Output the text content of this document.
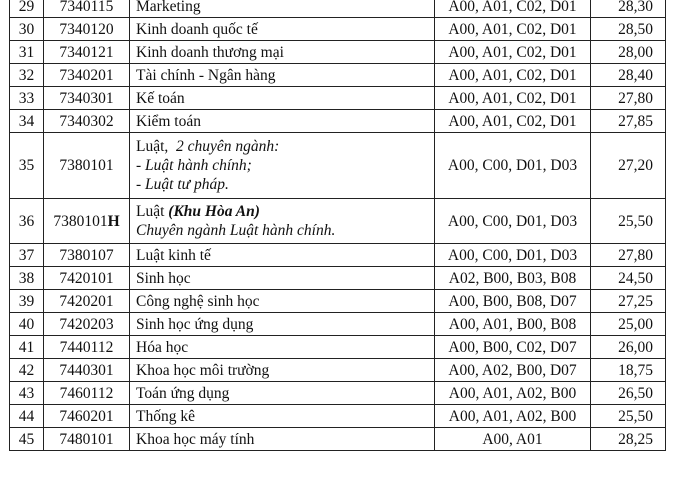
29	7340115	Marketing	A00, A01, C02, D01	28,30
30	7340120	Kinh doanh quốc tế	A00, A01, C02, D01	28,50
31	7340121	Kinh doanh thương mại	A00, A01, C02, D01	28,00
32	7340201	Tài chính - Ngân hàng	A00, A01, C02, D01	28,40
33	7340301	Kế toán	A00, A01, C02, D01	27,80
34	7340302	Kiểm toán	A00, A01, C02, D01	27,85
35	7380101	Luật, 2 chuyên ngành:
- Luật hành chính;
- Luật tư pháp.	A00, C00, D01, D03	27,20
36	7380101H	Luật (Khu Hòa An)
Chuyên ngành Luật hành chính.	A00, C00, D01, D03	25,50
37	7380107	Luật kinh tế	A00, C00, D01, D03	27,80
38	7420101	Sinh học	A02, B00, B03, B08	24,50
39	7420201	Công nghệ sinh học	A00, B00, B08, D07	27,25
40	7420203	Sinh học ứng dụng	A00, A01, B00, B08	25,00
41	7440112	Hóa học	A00, B00, C02, D07	26,00
42	7440301	Khoa học môi trường	A00, A02, B00, D07	18,75
43	7460112	Toán ứng dụng	A00, A01, A02, B00	26,50
44	7460201	Thống kê	A00, A01, A02, B00	25,50
45	7480101	Khoa học máy tính	A00, A01	28,25
